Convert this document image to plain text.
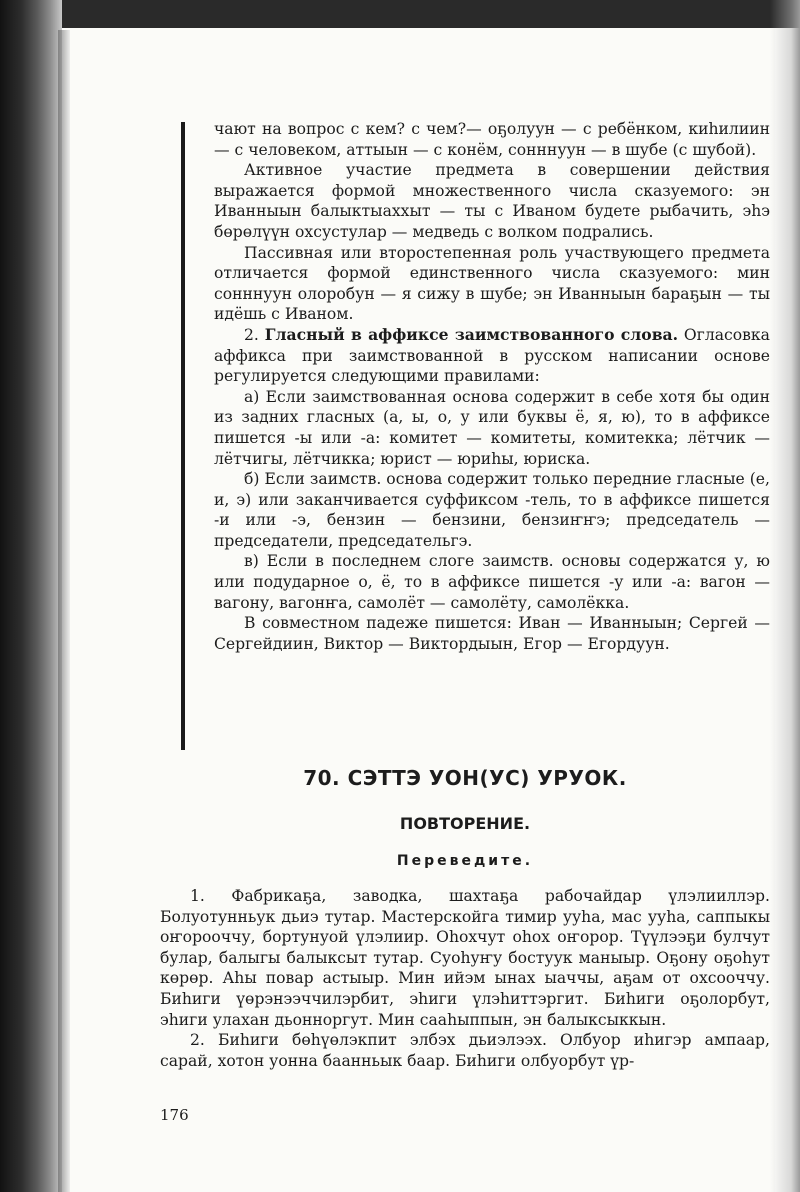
чают на вопрос с кем? с чем?— оҕолуун — с ребёнком, киһилиин — с человеком, аттыын — с конём, сонннуун — в шубе (с шубой).

Активное участие предмета в совершении действия выражается формой множественного числа сказуемого: эн Иванныын балыктыаххыт — ты с Иваном будете рыбачить, эһэ бөрөлүүн охсустулар — медведь с волком подрались.

Пассивная или второстепенная роль участвующего предмета отличается формой единственного числа сказуемого: мин сонннуун олоробун — я сижу в шубе; эн Иванныын бараҕын — ты идёшь с Иваном.

2. Гласный в аффиксе заимствованного слова. Огласовка аффикса при заимствованной в русском написании основе регулируется следующими правилами:

а) Если заимствованная основа содержит в себе хотя бы один из задних гласных (а, ы, о, у или буквы ё, я, ю), то в аффиксе пишется -ы или -а: комитет — комитеты, комитекка; лётчик — лётчигы, лётчикка; юрист — юриһы, юриска.

б) Если заимств. основа содержит только передние гласные (е, и, э) или заканчивается суффиксом -тель, то в аффиксе пишется -и или -э, бензин — бензини, бензиҥҥэ; председатель — председатели, председательгэ.

в) Если в последнем слоге заимств. основы содержатся у, ю или подударное о, ё, то в аффиксе пишется -у или -а: вагон — вагону, вагонҥа, самолёт — самолёту, самолёкка.

В совместном падеже пишется: Иван — Иванныын; Сергей — Сергейдиин, Виктор — Виктордыын, Егор — Егордуун.

70. СЭТТЭ УОН(УС) УРУОК.
ПОВТОРЕНИЕ.
Переведите.

1. Фабрикаҕа, заводка, шахтаҕа рабочайдар үлэлииллэр. Болуотунньук дьиэ тутар. Мастерскойга тимир ууһа, мас ууһа, саппыкы оҥорооччу, бортунуой үлэлиир. Оһохчут оһох оҥорор. Түүлээҕи булчут булар, балыгы балыксыт тутар. Суоһуҥу бостуук маныыр. Оҕону оҕоһут көрөр. Аһы повар астыыр. Мин ийэм ынах ыаччы, аҕам от охсооччу. Биһиги үөрэнээччилэрбит, эһиги үлэһиттэргит. Биһиги оҕолорбут, эһиги улахан дьонноргут. Мин сааһыппын, эн балыксыккын.

2. Биһиги бөһүөлэкпит элбэх дьиэлээх. Олбуор иһигэр ампаар, сарай, хотон уонна баанньык баар. Биһиги олбуорбут үр-

176
